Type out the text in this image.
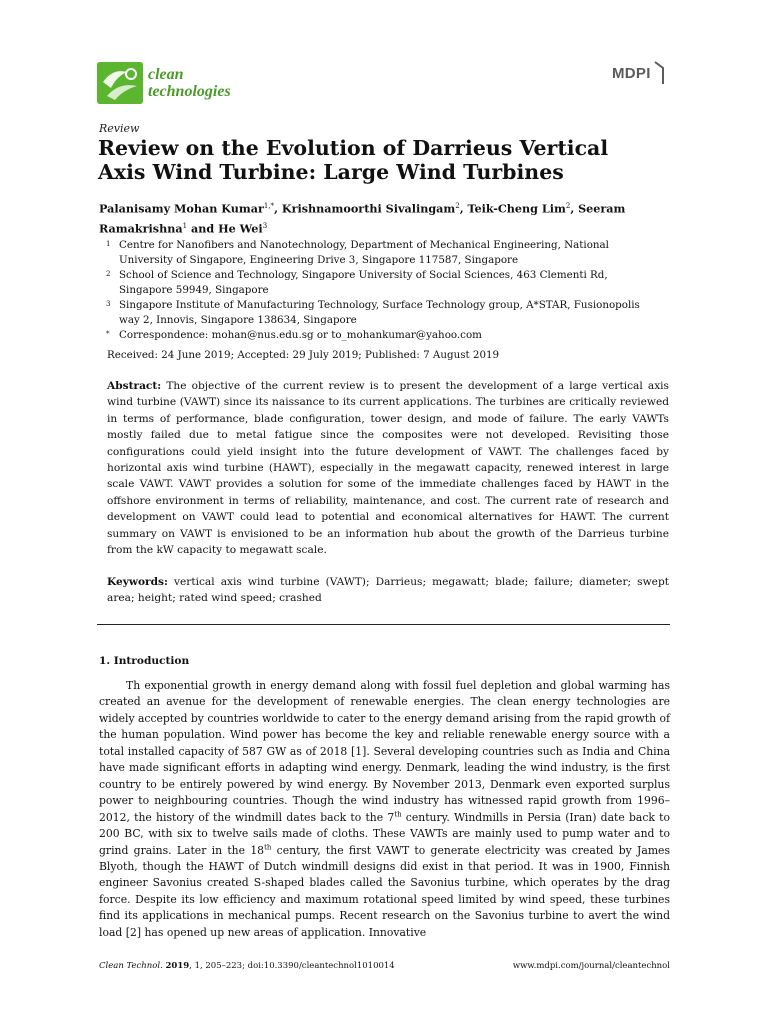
clean
technologies
MDPI
Review
Review on the Evolution of Darrieus Vertical Axis Wind Turbine: Large Wind Turbines
Palanisamy Mohan Kumar$^{1,*}$, Krishnamoorthi Sivalingam$^2$, Teik-Cheng Lim$^2$, Seeram Ramakrishna$^1$ and He Wei$^3$
1 Centre for Nanofibers and Nanotechnology, Department of Mechanical Engineering, National University of Singapore, Engineering Drive 3, Singapore 117587, Singapore
2 School of Science and Technology, Singapore University of Social Sciences, 463 Clementi Rd, Singapore 59949, Singapore
3 Singapore Institute of Manufacturing Technology, Surface Technology group, A*STAR, Fusionopolis way 2, Innovis, Singapore 138634, Singapore
* Correspondence: mohan@nus.edu.sg or to_mohankumar@yahoo.com
Received: 24 June 2019; Accepted: 29 July 2019; Published: 7 August 2019
Abstract: The objective of the current review is to present the development of a large vertical axis wind turbine (VAWT) since its naissance to its current applications. The turbines are critically reviewed in terms of performance, blade configuration, tower design, and mode of failure. The early VAWTs mostly failed due to metal fatigue since the composites were not developed. Revisiting those configurations could yield insight into the future development of VAWT. The challenges faced by horizontal axis wind turbine (HAWT), especially in the megawatt capacity, renewed interest in large scale VAWT. VAWT provides a solution for some of the immediate challenges faced by HAWT in the offshore environment in terms of reliability, maintenance, and cost. The current rate of research and development on VAWT could lead to potential and economical alternatives for HAWT. The current summary on VAWT is envisioned to be an information hub about the growth of the Darrieus turbine from the kW capacity to megawatt scale.
Keywords: vertical axis wind turbine (VAWT); Darrieus; megawatt; blade; failure; diameter; swept area; height; rated wind speed; crashed
1. Introduction
Th exponential growth in energy demand along with fossil fuel depletion and global warming has created an avenue for the development of renewable energies. The clean energy technologies are widely accepted by countries worldwide to cater to the energy demand arising from the rapid growth of the human population. Wind power has become the key and reliable renewable energy source with a total installed capacity of 587 GW as of 2018 [1]. Several developing countries such as India and China have made significant efforts in adapting wind energy. Denmark, leading the wind industry, is the first country to be entirely powered by wind energy. By November 2013, Denmark even exported surplus power to neighbouring countries. Though the wind industry has witnessed rapid growth from 1996–2012, the history of the windmill dates back to the 7th century. Windmills in Persia (Iran) date back to 200 BC, with six to twelve sails made of cloths. These VAWTs are mainly used to pump water and to grind grains. Later in the 18th century, the first VAWT to generate electricity was created by James Blyoth, though the HAWT of Dutch windmill designs did exist in that period. It was in 1900, Finnish engineer Savonius created S-shaped blades called the Savonius turbine, which operates by the drag force. Despite its low efficiency and maximum rotational speed limited by wind speed, these turbines find its applications in mechanical pumps. Recent research on the Savonius turbine to avert the wind load [2] has opened up new areas of application. Innovative
Clean Technol. 2019, 1, 205–223; doi:10.3390/cleantechnol1010014	www.mdpi.com/journal/cleantechnol
